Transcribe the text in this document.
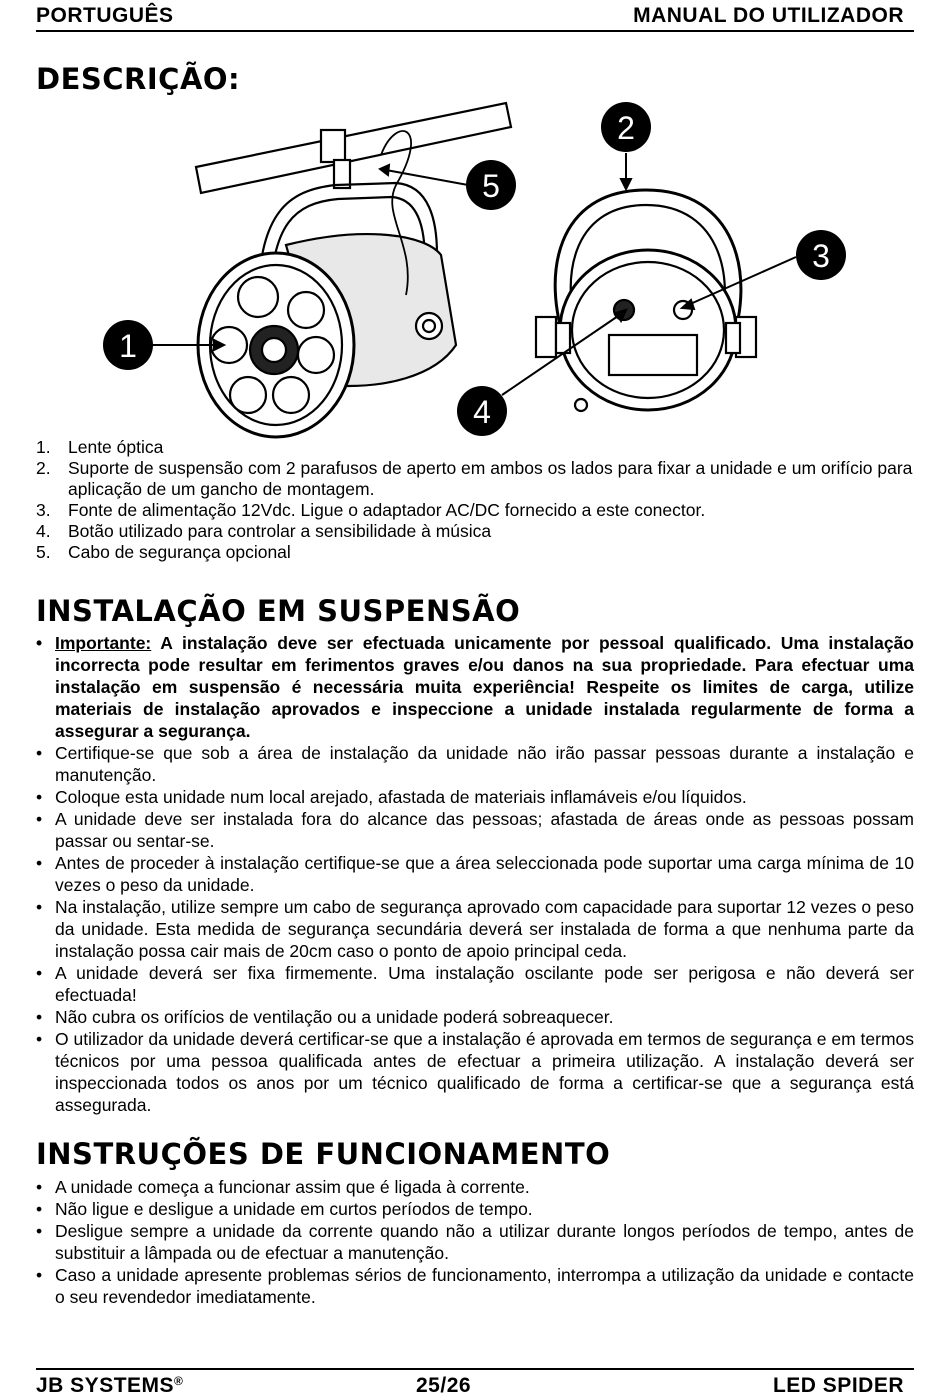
PORTUGUÊS	MANUAL DO UTILIZADOR
DESCRIÇÃO:
1
2
3
4
5
1. Lente óptica
2. Suporte de suspensão com 2 parafusos de aperto em ambos os lados para fixar a unidade e um orifício para aplicação de um gancho de montagem.
3. Fonte de alimentação 12Vdc. Ligue o adaptador AC/DC fornecido a este conector.
4. Botão utilizado para controlar a sensibilidade à música
5. Cabo de segurança opcional
INSTALAÇÃO EM SUSPENSÃO
• Importante: A instalação deve ser efectuada unicamente por pessoal qualificado. Uma instalação incorrecta pode resultar em ferimentos graves e/ou danos na sua propriedade. Para efectuar uma instalação em suspensão é necessária muita experiência! Respeite os limites de carga, utilize materiais de instalação aprovados e inspeccione a unidade instalada regularmente de forma a assegurar a segurança.
• Certifique-se que sob a área de instalação da unidade não irão passar pessoas durante a instalação e manutenção.
• Coloque esta unidade num local arejado, afastada de materiais inflamáveis e/ou líquidos.
• A unidade deve ser instalada fora do alcance das pessoas; afastada de áreas onde as pessoas possam passar ou sentar-se.
• Antes de proceder à instalação certifique-se que a área seleccionada pode suportar uma carga mínima de 10 vezes o peso da unidade.
• Na instalação, utilize sempre um cabo de segurança aprovado com capacidade para suportar 12 vezes o peso da unidade. Esta medida de segurança secundária deverá ser instalada de forma a que nenhuma parte da instalação possa cair mais de 20cm caso o ponto de apoio principal ceda.
• A unidade deverá ser fixa firmemente. Uma instalação oscilante pode ser perigosa e não deverá ser efectuada!
• Não cubra os orifícios de ventilação ou a unidade poderá sobreaquecer.
• O utilizador da unidade deverá certificar-se que a instalação é aprovada em termos de segurança e em termos técnicos por uma pessoa qualificada antes de efectuar a primeira utilização. A instalação deverá ser inspeccionada todos os anos por um técnico qualificado de forma a certificar-se que a segurança está assegurada.
INSTRUÇÕES DE FUNCIONAMENTO
• A unidade começa a funcionar assim que é ligada à corrente.
• Não ligue e desligue a unidade em curtos períodos de tempo.
• Desligue sempre a unidade da corrente quando não a utilizar durante longos períodos de tempo, antes de substituir a lâmpada ou de efectuar a manutenção.
• Caso a unidade apresente problemas sérios de funcionamento, interrompa a utilização da unidade e contacte o seu revendedor imediatamente.
JB SYSTEMS®	25/26	LED SPIDER
